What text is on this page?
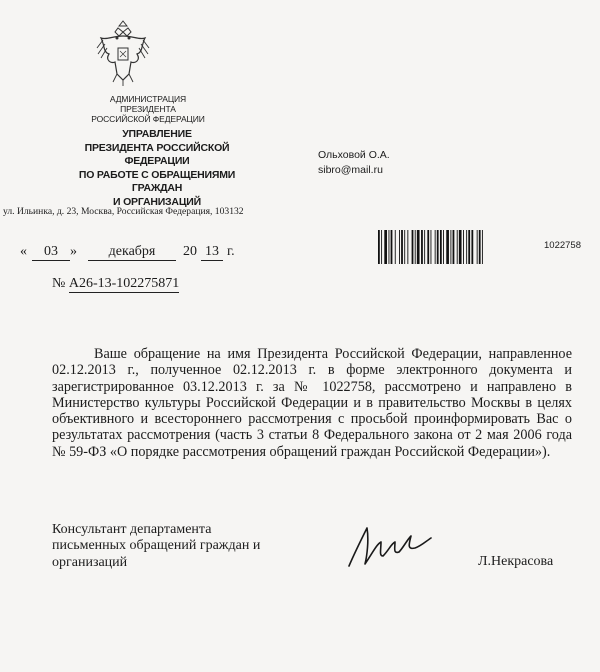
АДМИНИСТРАЦИЯ ПРЕЗИДЕНТА
РОССИЙСКОЙ ФЕДЕРАЦИИ
УПРАВЛЕНИЕ
ПРЕЗИДЕНТА РОССИЙСКОЙ ФЕДЕРАЦИИ
ПО РАБОТЕ С ОБРАЩЕНИЯМИ ГРАЖДАН
И ОРГАНИЗАЦИЙ
ул. Ильинка, д. 23, Москва, Российская Федерация, 103132
Ольховой О.А.
sibro@mail.ru
1022758
«	03 »	декабря	20 13 г.
№ А26-13-102275871

Ваше обращение на имя Президента Российской Федерации, направленное 02.12.2013 г., полученное 02.12.2013 г. в форме электронного документа и зарегистрированное 03.12.2013 г. за № 1022758, рассмотрено и направлено в Министерство культуры Российской Федерации и в правительство Москвы в целях объективного и всестороннего рассмотрения с просьбой проинформировать Вас о результатах рассмотрения (часть 3 статьи 8 Федерального закона от 2 мая 2006 года № 59-ФЗ «О порядке рассмотрения обращений граждан Российской Федерации»).

Консультант департамента
письменных обращений граждан и
организаций	Л.Некрасова
